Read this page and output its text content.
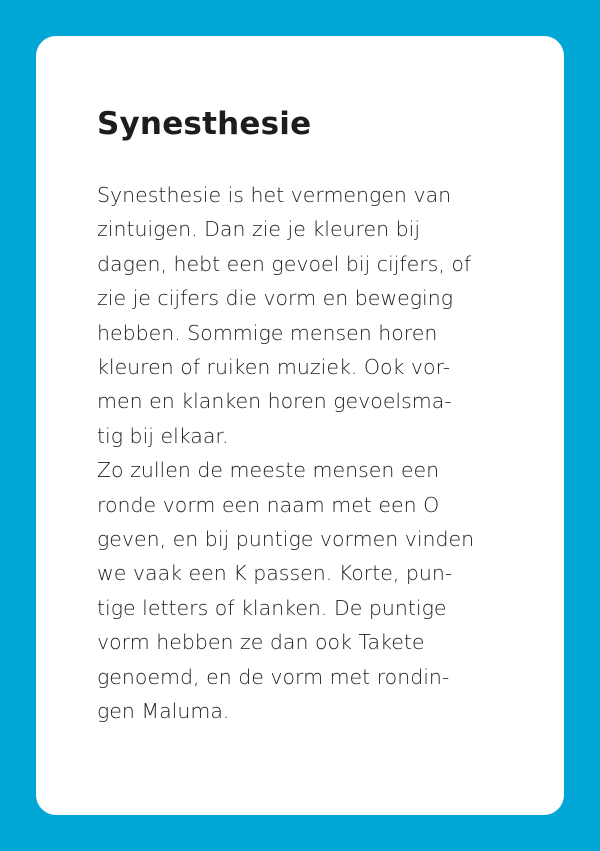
Synesthesie
Synesthesie is het vermengen van
zintuigen. Dan zie je kleuren bij
dagen, hebt een gevoel bij cijfers, of
zie je cijfers die vorm en beweging
hebben. Sommige mensen horen
kleuren of ruiken muziek. Ook vor-
men en klanken horen gevoelsma-
tig bij elkaar.
Zo zullen de meeste mensen een
ronde vorm een naam met een O
geven, en bij puntige vormen vinden
we vaak een K passen. Korte, pun-
tige letters of klanken. De puntige
vorm hebben ze dan ook Takete
genoemd, en de vorm met rondin-
gen Maluma.
